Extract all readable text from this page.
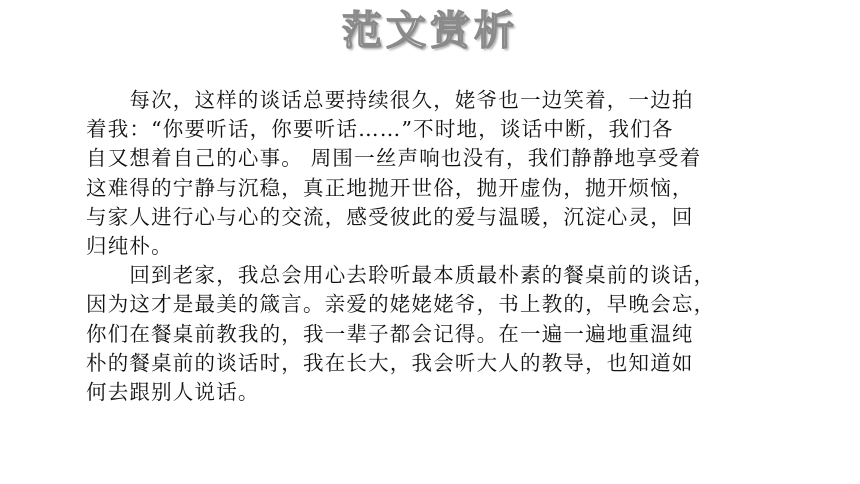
范文赏析
　　每次，这样的谈话总要持续很久，姥爷也一边笑着，一边拍
着我：“你要听话，你要听话……”不时地，谈话中断，我们各
自又想着自己的心事。 周围一丝声响也没有，我们静静地享受着
这难得的宁静与沉稳，真正地抛开世俗，抛开虚伪，抛开烦恼，
与家人进行心与心的交流，感受彼此的爱与温暖，沉淀心灵，回
归纯朴。
　　回到老家，我总会用心去聆听最本质最朴素的餐桌前的谈话，
因为这才是最美的箴言。亲爱的姥姥姥爷，书上教的，早晚会忘，
你们在餐桌前教我的，我一辈子都会记得。在一遍一遍地重温纯
朴的餐桌前的谈话时，我在长大，我会听大人的教导，也知道如
何去跟别人说话。
